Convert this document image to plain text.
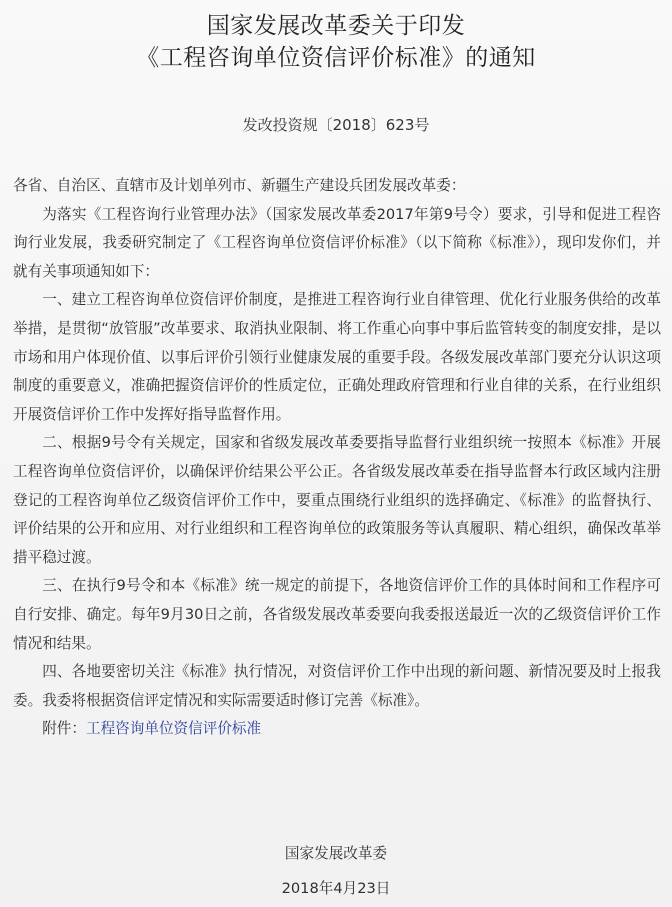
国家发展改革委关于印发
《工程咨询单位资信评价标准》的通知
发改投资规〔2018〕623号

各省、自治区、直辖市及计划单列市、新疆生产建设兵团发展改革委：

为落实《工程咨询行业管理办法》（国家发展改革委2017年第9号令）要求，引导和促进工程咨询行业发展，我委研究制定了《工程咨询单位资信评价标准》（以下简称《标准》），现印发你们，并就有关事项通知如下：

一、建立工程咨询单位资信评价制度，是推进工程咨询行业自律管理、优化行业服务供给的改革举措，是贯彻“放管服”改革要求、取消执业限制、将工作重心向事中事后监管转变的制度安排，是以市场和用户体现价值、以事后评价引领行业健康发展的重要手段。各级发展改革部门要充分认识这项制度的重要意义，准确把握资信评价的性质定位，正确处理政府管理和行业自律的关系，在行业组织开展资信评价工作中发挥好指导监督作用。

二、根据9号令有关规定，国家和省级发展改革委要指导监督行业组织统一按照本《标准》开展工程咨询单位资信评价，以确保评价结果公平公正。各省级发展改革委在指导监督本行政区域内注册登记的工程咨询单位乙级资信评价工作中，要重点围绕行业组织的选择确定、《标准》的监督执行、评价结果的公开和应用、对行业组织和工程咨询单位的政策服务等认真履职、精心组织，确保改革举措平稳过渡。

三、在执行9号令和本《标准》统一规定的前提下，各地资信评价工作的具体时间和工作程序可自行安排、确定。每年9月30日之前，各省级发展改革委要向我委报送最近一次的乙级资信评价工作情况和结果。

四、各地要密切关注《标准》执行情况，对资信评价工作中出现的新问题、新情况要及时上报我委。我委将根据资信评定情况和实际需要适时修订完善《标准》。

附件：工程咨询单位资信评价标准

国家发展改革委
2018年4月23日
